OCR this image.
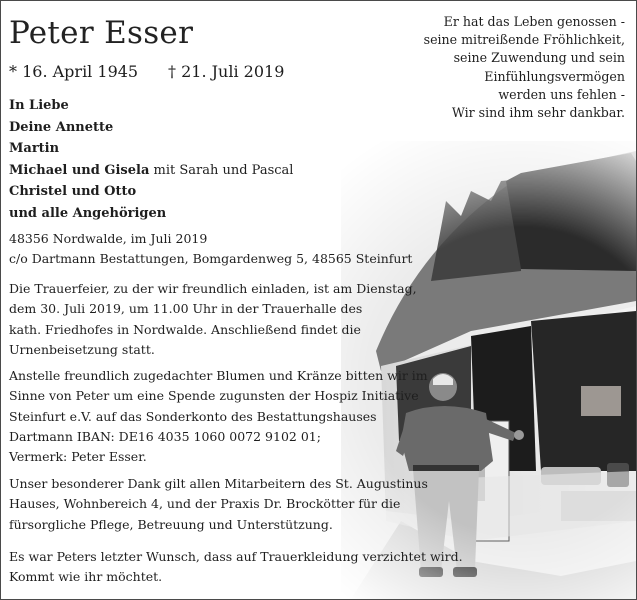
Peter Esser
* 16. April 1945 † 21. Juli 2019
Er hat das Leben genossen -
seine mitreißende Fröhlichkeit,
seine Zuwendung und sein
Einfühlungsvermögen
werden uns fehlen -
Wir sind ihm sehr dankbar.
In Liebe
Deine Annette
Martin
Michael und Gisela mit Sarah und Pascal
Christel und Otto
und alle Angehörigen
48356 Nordwalde, im Juli 2019
c/o Dartmann Bestattungen, Bomgardenweg 5, 48565 Steinfurt
Die Trauerfeier, zu der wir freundlich einladen, ist am Dienstag,
dem 30. Juli 2019, um 11.00 Uhr in der Trauerhalle des
kath. Friedhofes in Nordwalde. Anschließend findet die
Urnenbeisetzung statt.
Anstelle freundlich zugedachter Blumen und Kränze bitten wir im
Sinne von Peter um eine Spende zugunsten der Hospiz Initiative
Steinfurt e.V. auf das Sonderkonto des Bestattungshauses
Dartmann IBAN: DE16 4035 1060 0072 9102 01;
Vermerk: Peter Esser.
Unser besonderer Dank gilt allen Mitarbeitern des St. Augustinus
Hauses, Wohnbereich 4, und der Praxis Dr. Brockötter für die
fürsorgliche Pflege, Betreuung und Unterstützung.
Es war Peters letzter Wunsch, dass auf Trauerkleidung verzichtet wird.
Kommt wie ihr möchtet.
